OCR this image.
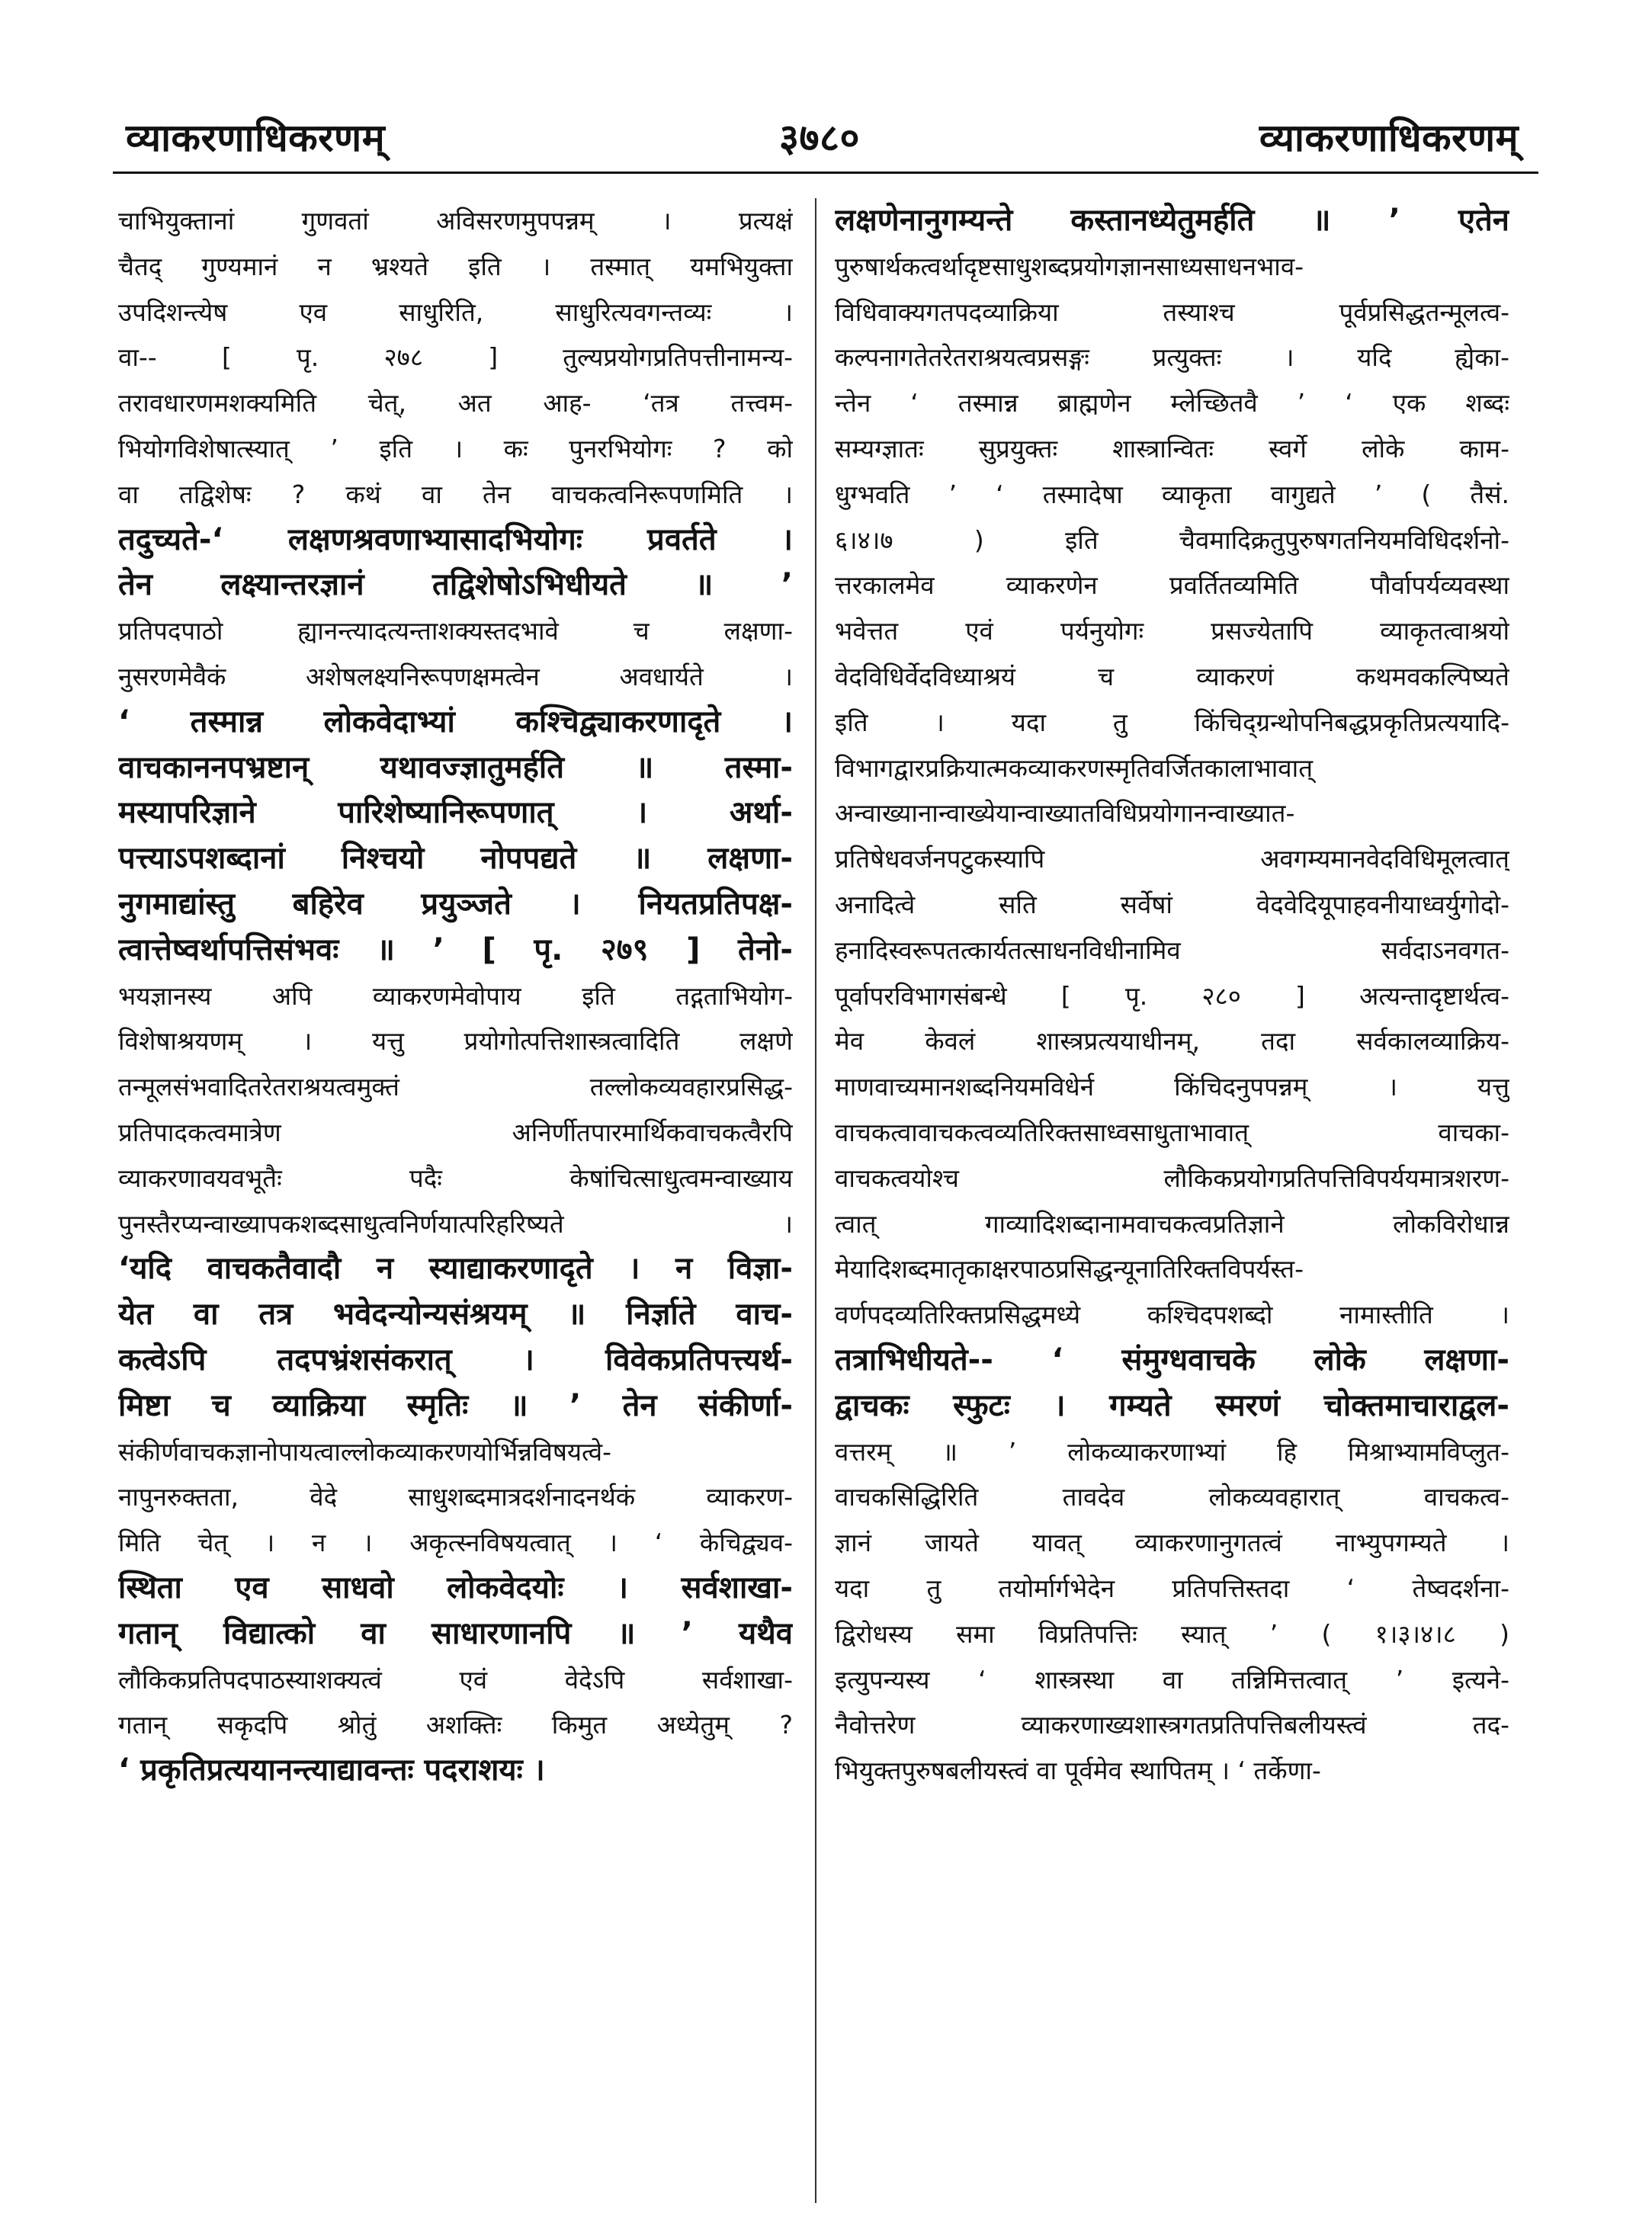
व्याकरणाधिकरणम्	३७८०	व्याकरणाधिकरणम्
चाभियुक्तानां गुणवतां अविसरणमुपपन्नम् । प्रत्यक्षं
चैतद् गुण्यमानं न भ्रश्यते इति । तस्मात् यमभियुक्ता
उपदिशन्त्येष एव साधुरिति, साधुरित्यवगन्तव्यः ।
वा-- [ पृ. २७८ ] तुल्यप्रयोगप्रतिपत्तीनामन्य-
तरावधारणमशक्यमिति चेत्, अत आह- ‘तत्र तत्त्वम-
भियोगविशेषात्स्यात् ’ इति । कः पुनरभियोगः ? को
वा तद्विशेषः ? कथं वा तेन वाचकत्वनिरूपणमिति ।
तदुच्यते-‘ लक्षणश्रवणाभ्यासादभियोगः प्रवर्तते ।
तेन लक्ष्यान्तरज्ञानं तद्विशेषोऽभिधीयते ॥ ’
प्रतिपदपाठो ह्यानन्त्यादत्यन्ताशक्यस्तदभावे च लक्षणा-
नुसरणमेवैकं अशेषलक्ष्यनिरूपणक्षमत्वेन अवधार्यते ।
‘ तस्मान्न लोकवेदाभ्यां कश्चिद्व्याकरणादृते ।
वाचकाननपभ्रष्टान् यथावज्ज्ञातुमर्हति ॥ तस्मा-
मस्यापरिज्ञाने पारिशेष्यानिरूपणात् । अर्था-
पत्त्याऽपशब्दानां निश्चयो नोपपद्यते ॥ लक्षणा-
नुगमाद्यांस्तु बहिरेव प्रयुञ्जते । नियतप्रतिपक्ष-
त्वात्तेष्वर्थापत्तिसंभवः ॥ ’ [ पृ. २७९ ] तेनो-
भयज्ञानस्य अपि व्याकरणमेवोपाय इति तद्गताभियोग-
विशेषाश्रयणम् । यत्तु प्रयोगोत्पत्तिशास्त्रत्वादिति लक्षणे
तन्मूलसंभवादितरेतराश्रयत्वमुक्तं तल्लोकव्यवहारप्रसिद्ध-
प्रतिपादकत्वमात्रेण अनिर्णीतपारमार्थिकवाचकत्वैरपि
व्याकरणावयवभूतैः पदैः केषांचित्साधुत्वमन्वाख्याय
पुनस्तैरप्यन्वाख्यापकशब्दसाधुत्वनिर्णयात्परिहरिष्यते ।
‘यदि वाचकतैवादौ न स्याद्याकरणादृते । न विज्ञा-
येत वा तत्र भवेदन्योन्यसंश्रयम् ॥ निर्ज्ञाते वाच-
कत्वेऽपि तदपभ्रंशसंकरात् । विवेकप्रतिपत्त्यर्थ-
मिष्टा च व्याक्रिया स्मृतिः ॥ ’ तेन संकीर्णा-
संकीर्णवाचकज्ञानोपायत्वाल्लोकव्याकरणयोर्भिन्नविषयत्वे-
नापुनरुक्तता, वेदे साधुशब्दमात्रदर्शनादनर्थकं व्याकरण-
मिति चेत् । न । अकृत्स्नविषयत्वात् । ‘ केचिद्व्यव-
स्थिता एव साधवो लोकवेदयोः । सर्वशाखा-
गतान् विद्यात्को वा साधारणानपि ॥ ’ यथैव
लौकिकप्रतिपदपाठस्याशक्यत्वं एवं वेदेऽपि सर्वशाखा-
गतान् सकृदपि श्रोतुं अशक्तिः किमुत अध्येतुम् ?
‘ प्रकृतिप्रत्ययानन्त्याद्यावन्तः पदराशयः ।
लक्षणेनानुगम्यन्ते कस्तानध्येतुमर्हति ॥ ’ एतेन
पुरुषार्थकत्वर्थादृष्टसाधुशब्दप्रयोगज्ञानसाध्यसाधनभाव-
विधिवाक्यगतपदव्याक्रिया तस्याश्च पूर्वप्रसिद्धतन्मूलत्व-
कल्पनागतेतरेतराश्रयत्वप्रसङ्गः प्रत्युक्तः । यदि ह्येका-
न्तेन ‘ तस्मान्न ब्राह्मणेन म्लेच्छितवै ’ ‘ एक शब्दः
सम्यग्ज्ञातः सुप्रयुक्तः शास्त्रान्वितः स्वर्गे लोके काम-
धुग्भवति ’ ‘ तस्मादेषा व्याकृता वागुद्यते ’ ( तैसं.
६।४।७ ) इति चैवमादिक्रतुपुरुषगतनियमविधिदर्शनो-
त्तरकालमेव व्याकरणेन प्रवर्तितव्यमिति पौर्वापर्यव्यवस्था
भवेत्तत एवं पर्यनुयोगः प्रसज्येतापि व्याकृतत्वाश्रयो
वेदविधिर्वेदविध्याश्रयं च व्याकरणं कथमवकल्पिष्यते
इति । यदा तु किंचिद्ग्रन्थोपनिबद्धप्रकृतिप्रत्ययादि-
विभागद्वारप्रक्रियात्मकव्याकरणस्मृतिवर्जितकालाभावात्
अन्वाख्यानान्वाख्येयान्वाख्यातविधिप्रयोगानन्वाख्यात-
प्रतिषेधवर्जनपटुकस्यापि अवगम्यमानवेदविधिमूलत्वात्
अनादित्वे सति सर्वेषां वेदवेदियूपाहवनीयाध्वर्युगोदो-
हनादिस्वरूपतत्कार्यतत्साधनविधीनामिव सर्वदाऽनवगत-
पूर्वापरविभागसंबन्धे [ पृ. २८० ] अत्यन्तादृष्टार्थत्व-
मेव केवलं शास्त्रप्रत्ययाधीनम्, तदा सर्वकालव्याक्रिय-
माणवाच्यमानशब्दनियमविधेर्न किंचिदनुपपन्नम् । यत्तु
वाचकत्वावाचकत्वव्यतिरिक्तसाध्वसाधुताभावात् वाचका-
वाचकत्वयोश्च लौकिकप्रयोगप्रतिपत्तिविपर्ययमात्रशरण-
त्वात् गाव्यादिशब्दानामवाचकत्वप्रतिज्ञाने लोकविरोधान्न
मेयादिशब्दमातृकाक्षरपाठप्रसिद्धन्यूनातिरिक्तविपर्यस्त-
वर्णपदव्यतिरिक्तप्रसिद्धमध्ये कश्चिदपशब्दो नामास्तीति ।
तत्राभिधीयते-- ‘ संमुग्धवाचके लोके लक्षणा-
द्वाचकः स्फुटः । गम्यते स्मरणं चोक्तमाचाराद्वल-
वत्तरम् ॥ ’ लोकव्याकरणाभ्यां हि मिश्राभ्यामविप्लुत-
वाचकसिद्धिरिति तावदेव लोकव्यवहारात् वाचकत्व-
ज्ञानं जायते यावत् व्याकरणानुगतत्वं नाभ्युपगम्यते ।
यदा तु तयोर्मार्गभेदेन प्रतिपत्तिस्तदा ‘ तेष्वदर्शना-
द्विरोधस्य समा विप्रतिपत्तिः स्यात् ’ ( १।३।४।८ )
इत्युपन्यस्य ‘ शास्त्रस्था वा तन्निमित्तत्वात् ’ इत्यने-
नैवोत्तरेण व्याकरणाख्यशास्त्रगतप्रतिपत्तिबलीयस्त्वं तद-
भियुक्तपुरुषबलीयस्त्वं वा पूर्वमेव स्थापितम् । ‘ तर्केणा-
